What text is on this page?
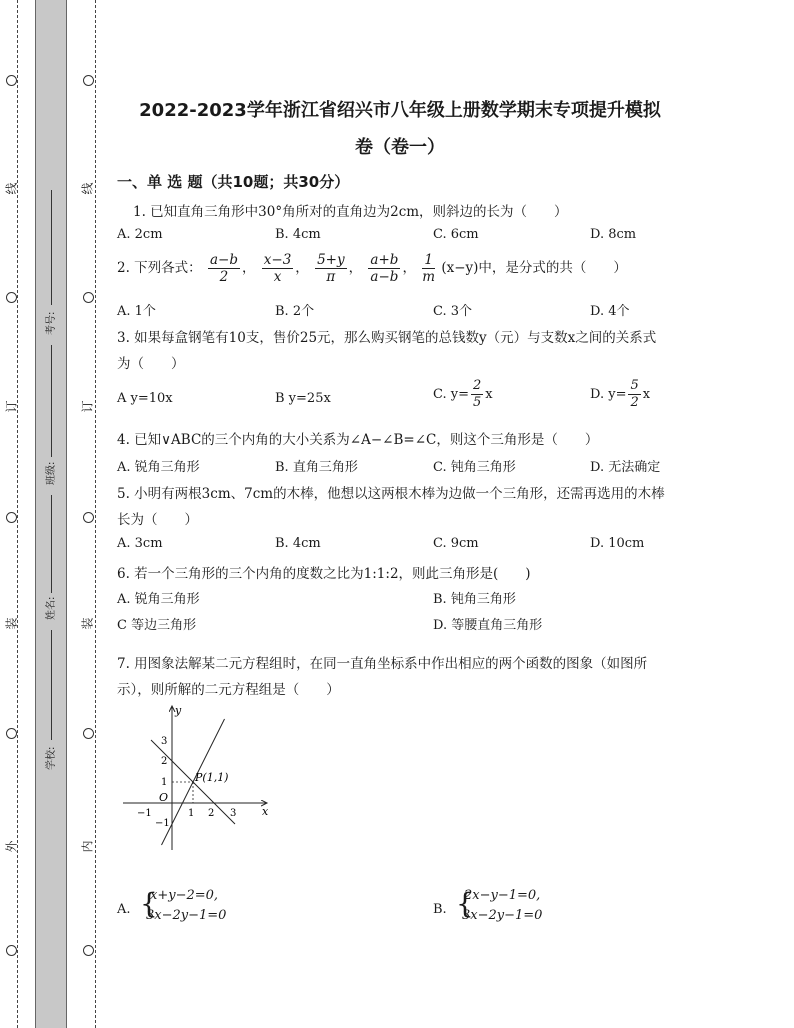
线
订
装
外
线
订
装
内
考号:
班级:
姓名:
学校:
2022-2023学年浙江省绍兴市八年级上册数学期末专项提升模拟
卷（卷一）
一、单 选 题（共10题；共30分）
1. 已知直角三角形中30°角所对的直角边为2cm，则斜边的长为（　　）
A. 2cm	B. 4cm	C. 6cm	D. 8cm
2. 下列各式： $\frac{a-b}{2}$ ， $\frac{x-3}{x}$ ， $\frac{5+y}{\pi}$ ， $\frac{a+b}{a-b}$ ， $\frac{1}{m} (x-y)$中，是分式的共（　　）
A. 1个	B. 2个	C. 3个	D. 4个
3. 如果每盒钢笔有10支，售价25元，那么购买钢笔的总钱数y（元）与支数x之间的关系式
为（　　）
A y=10x	B y=25x	C. $y= \frac{2}{5}$ x	D. $y= \frac{5}{2}$ x
4. 已知∨ABC的三个内角的大小关系为∠A−∠B=∠C，则这个三角形是（　　）
A. 锐角三角形	B. 直角三角形	C. 钝角三角形	D. 无法确定
5. 小明有两根3cm、7cm的木棒，他想以这两根木棒为边做一个三角形，还需再选用的木棒
长为（　　）
A. 3cm	B. 4cm	C. 9cm	D. 10cm
6. 若一个三角形的三个内角的度数之比为1:1:2，则此三角形是(　　)
A. 锐角三角形	B. 钝角三角形
C 等边三角形	D. 等腰直角三角形
7. 用图象法解某二元方程组时，在同一直角坐标系中作出相应的两个函数的图象（如图所
示），则所解的二元方程组是（　　）
x
y
O
P(1,1)
−1	1 2 3
3
2
1
−1
A. {
x+y−2=0,
3x−2y−1=0	B. {
2x−y−1=0,
3x−2y−1=0
